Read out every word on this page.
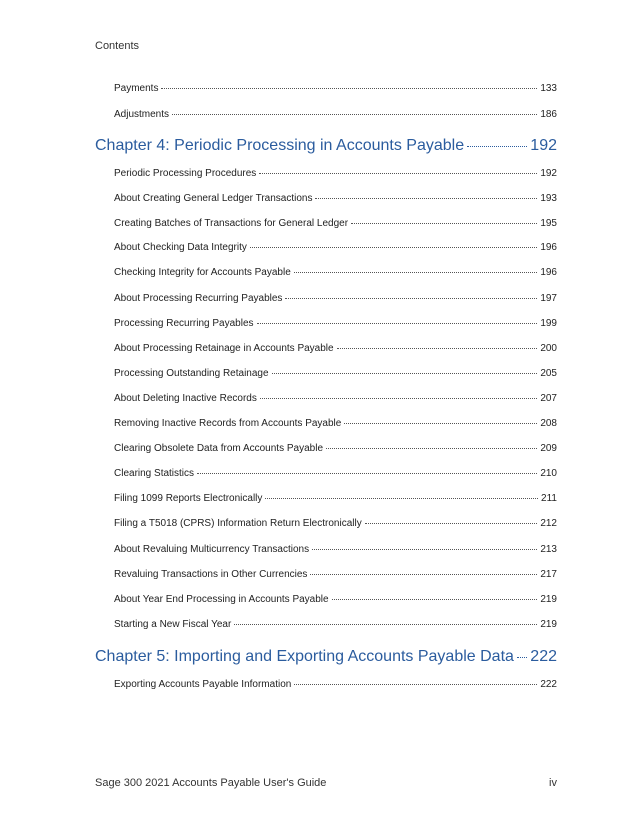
Contents
Payments	133
Adjustments	186
Chapter 4: Periodic Processing in Accounts Payable	192
Periodic Processing Procedures	192
About Creating General Ledger Transactions	193
Creating Batches of Transactions for General Ledger	195
About Checking Data Integrity	196
Checking Integrity for Accounts Payable	196
About Processing Recurring Payables	197
Processing Recurring Payables	199
About Processing Retainage in Accounts Payable	200
Processing Outstanding Retainage	205
About Deleting Inactive Records	207
Removing Inactive Records from Accounts Payable	208
Clearing Obsolete Data from Accounts Payable	209
Clearing Statistics	210
Filing 1099 Reports Electronically	211
Filing a T5018 (CPRS) Information Return Electronically	212
About Revaluing Multicurrency Transactions	213
Revaluing Transactions in Other Currencies	217
About Year End Processing in Accounts Payable	219
Starting a New Fiscal Year	219
Chapter 5: Importing and Exporting Accounts Payable Data 222
Exporting Accounts Payable Information	222
Sage 300 2021 Accounts Payable User's Guide	iv
